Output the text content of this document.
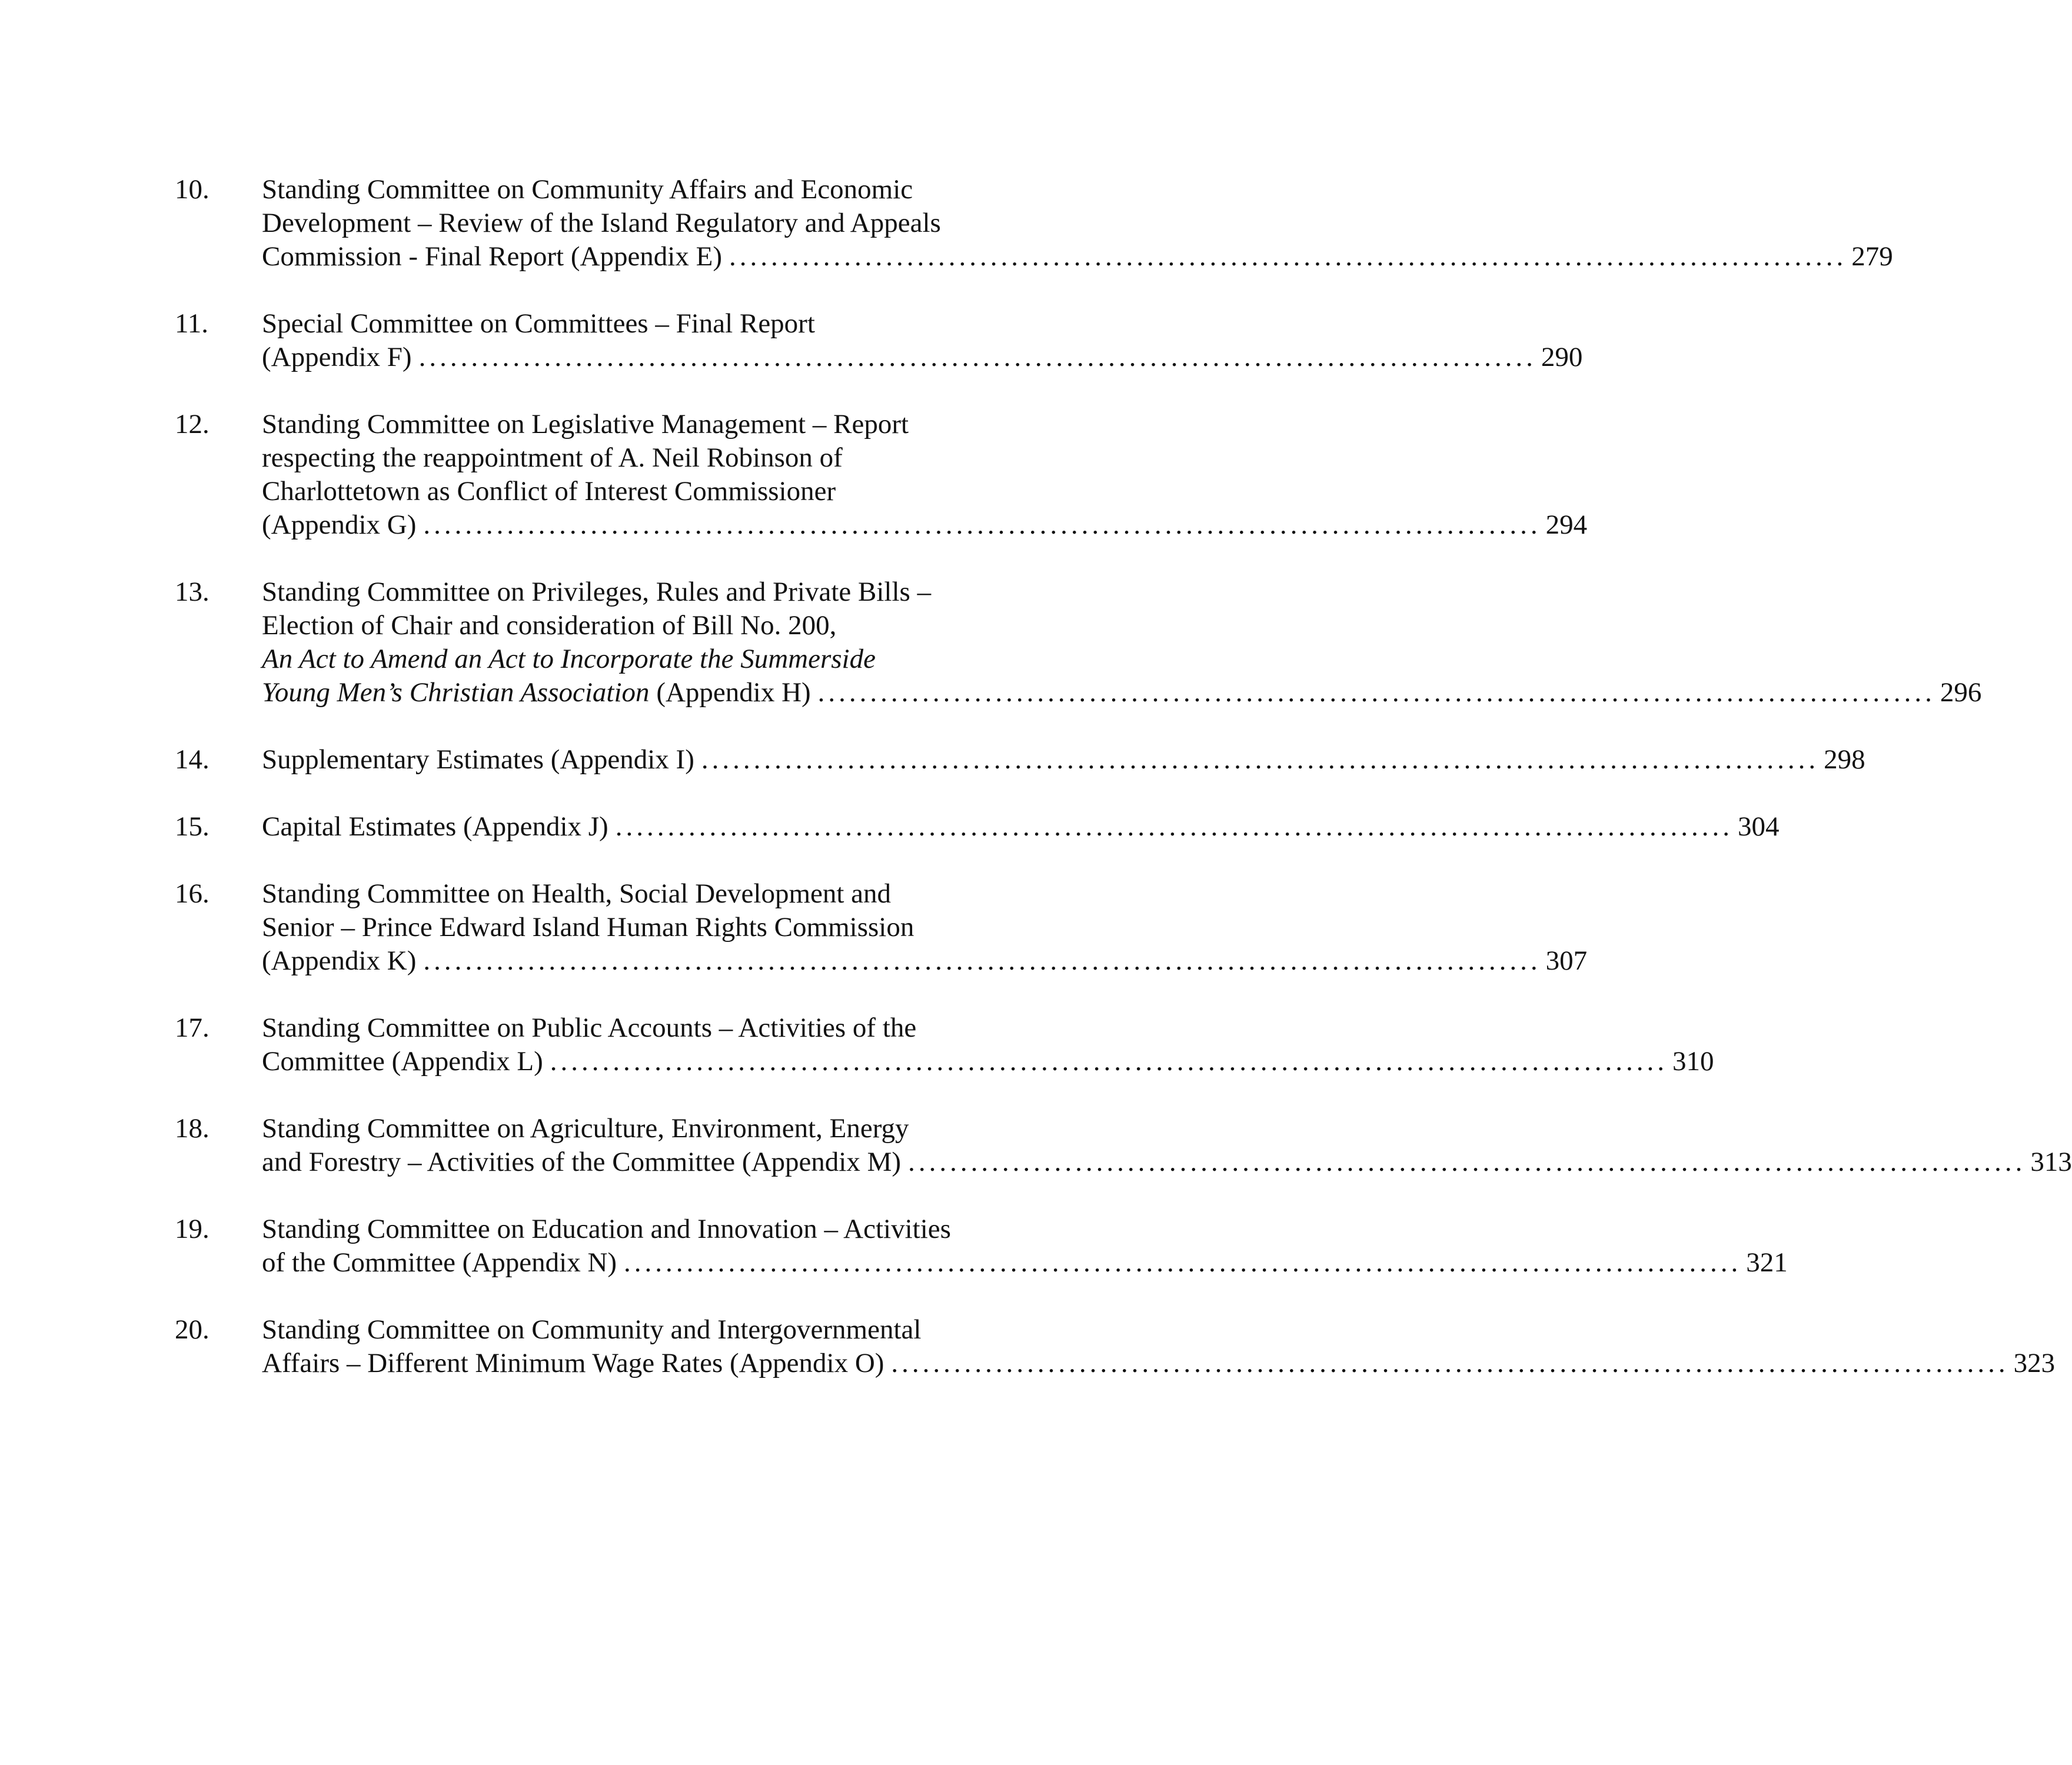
10. Standing Committee on Community Affairs and Economic
Development – Review of the Island Regulatory and Appeals
Commission - Final Report (Appendix E) ........................................................................................................... 279
11. Special Committee on Committees – Final Report
(Appendix F) ........................................................................................................... 290
12. Standing Committee on Legislative Management – Report
respecting the reappointment of A. Neil Robinson of
Charlottetown as Conflict of Interest Commissioner
(Appendix G) ........................................................................................................... 294
13. Standing Committee on Privileges, Rules and Private Bills –
Election of Chair and consideration of Bill No. 200,
An Act to Amend an Act to Incorporate the Summerside
Young Men’s Christian Association (Appendix H) ........................................................................................................... 296
14. Supplementary Estimates (Appendix I) ........................................................................................................... 298
15. Capital Estimates (Appendix J) ........................................................................................................... 304
16. Standing Committee on Health, Social Development and
Senior – Prince Edward Island Human Rights Commission
(Appendix K) ........................................................................................................... 307
17. Standing Committee on Public Accounts – Activities of the
Committee (Appendix L) ........................................................................................................... 310
18. Standing Committee on Agriculture, Environment, Energy
and Forestry – Activities of the Committee (Appendix M) ........................................................................................................... 313
19. Standing Committee on Education and Innovation – Activities
of the Committee (Appendix N) ........................................................................................................... 321
20. Standing Committee on Community and Intergovernmental
Affairs – Different Minimum Wage Rates (Appendix O) ........................................................................................................... 323
